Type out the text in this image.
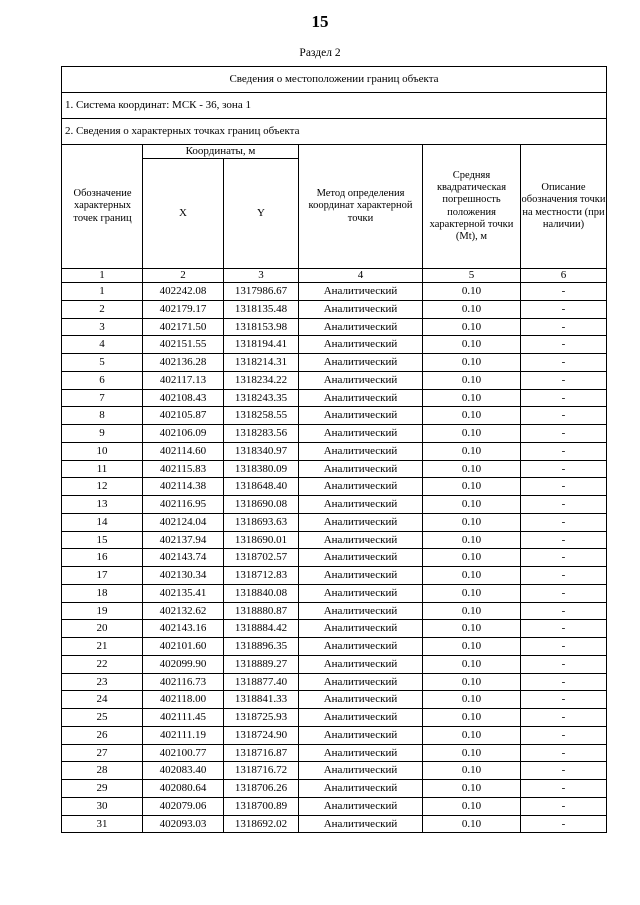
15
Раздел 2
Сведения о местоположении границ объекта					
1. Система координат: МСК - 36, зона 1					
2. Сведения о характерных точках границ объекта					
Обозначение характерных точек границ	Координаты, м		Метод определения координат характерной точки	Средняя квадратическая погрешность положения характерной точки (Mt), м	Описание обозначения точки на местности (при наличии)
	X	Y			
1	2	3	4	5	6
1	402242.08	1317986.67	Аналитический	0.10	-
2	402179.17	1318135.48	Аналитический	0.10	-
3	402171.50	1318153.98	Аналитический	0.10	-
4	402151.55	1318194.41	Аналитический	0.10	-
5	402136.28	1318214.31	Аналитический	0.10	-
6	402117.13	1318234.22	Аналитический	0.10	-
7	402108.43	1318243.35	Аналитический	0.10	-
8	402105.87	1318258.55	Аналитический	0.10	-
9	402106.09	1318283.56	Аналитический	0.10	-
10	402114.60	1318340.97	Аналитический	0.10	-
11	402115.83	1318380.09	Аналитический	0.10	-
12	402114.38	1318648.40	Аналитический	0.10	-
13	402116.95	1318690.08	Аналитический	0.10	-
14	402124.04	1318693.63	Аналитический	0.10	-
15	402137.94	1318690.01	Аналитический	0.10	-
16	402143.74	1318702.57	Аналитический	0.10	-
17	402130.34	1318712.83	Аналитический	0.10	-
18	402135.41	1318840.08	Аналитический	0.10	-
19	402132.62	1318880.87	Аналитический	0.10	-
20	402143.16	1318884.42	Аналитический	0.10	-
21	402101.60	1318896.35	Аналитический	0.10	-
22	402099.90	1318889.27	Аналитический	0.10	-
23	402116.73	1318877.40	Аналитический	0.10	-
24	402118.00	1318841.33	Аналитический	0.10	-
25	402111.45	1318725.93	Аналитический	0.10	-
26	402111.19	1318724.90	Аналитический	0.10	-
27	402100.77	1318716.87	Аналитический	0.10	-
28	402083.40	1318716.72	Аналитический	0.10	-
29	402080.64	1318706.26	Аналитический	0.10	-
30	402079.06	1318700.89	Аналитический	0.10	-
31	402093.03	1318692.02	Аналитический	0.10	-
